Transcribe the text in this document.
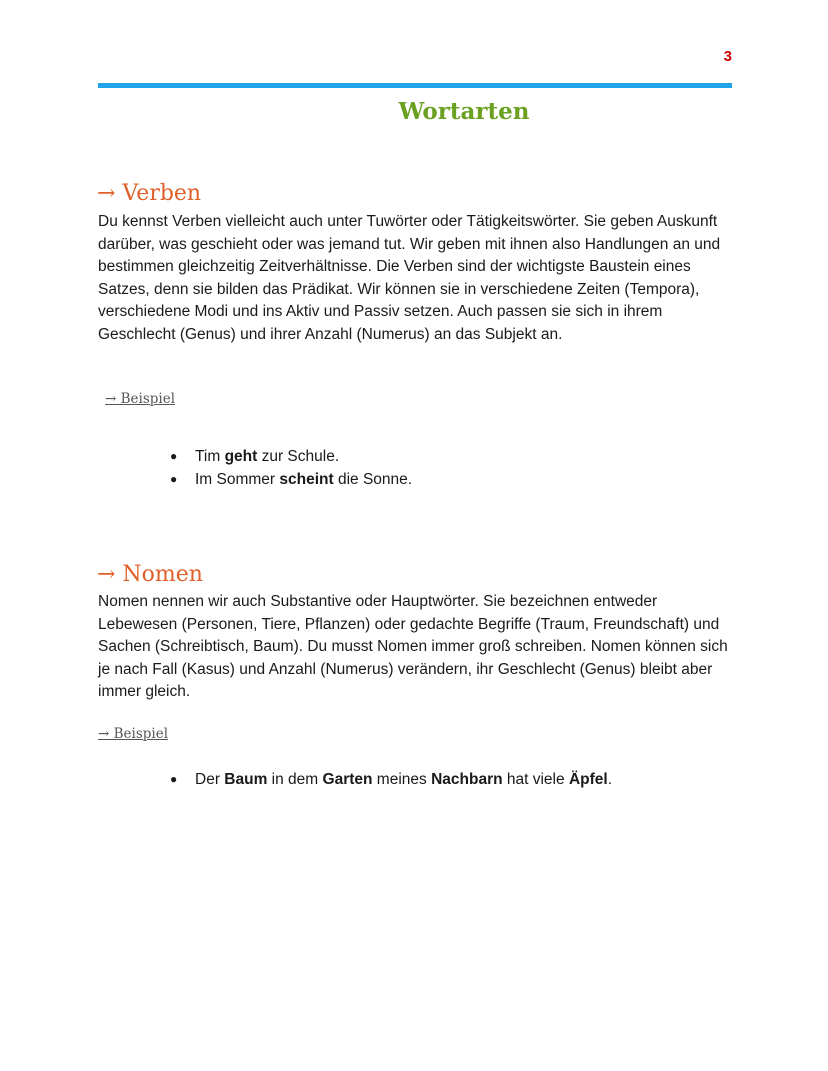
3
Wortarten
→ Verben

Du kennst Verben vielleicht auch unter Tuwörter oder Tätigkeitswörter. Sie geben Auskunft darüber, was geschieht oder was jemand tut. Wir geben mit ihnen also Handlungen an und bestimmen gleichzeitig Zeitverhältnisse. Die Verben sind der wichtigste Baustein eines Satzes, denn sie bilden das Prädikat. Wir können sie in verschiedene Zeiten (Tempora), verschiedene Modi und ins Aktiv und Passiv setzen. Auch passen sie sich in ihrem Geschlecht (Genus) und ihrer Anzahl (Numerus) an das Subjekt an.

→ Beispiel
● Tim geht zur Schule.
● Im Sommer scheint die Sonne.
→ Nomen

Nomen nennen wir auch Substantive oder Hauptwörter. Sie bezeichnen entweder Lebewesen (Personen, Tiere, Pflanzen) oder gedachte Begriffe (Traum, Freundschaft) und Sachen (Schreibtisch, Baum). Du musst Nomen immer groß schreiben. Nomen können sich je nach Fall (Kasus) und Anzahl (Numerus) verändern, ihr Geschlecht (Genus) bleibt aber immer gleich.

→ Beispiel
● Der Baum in dem Garten meines Nachbarn hat viele Äpfel.
